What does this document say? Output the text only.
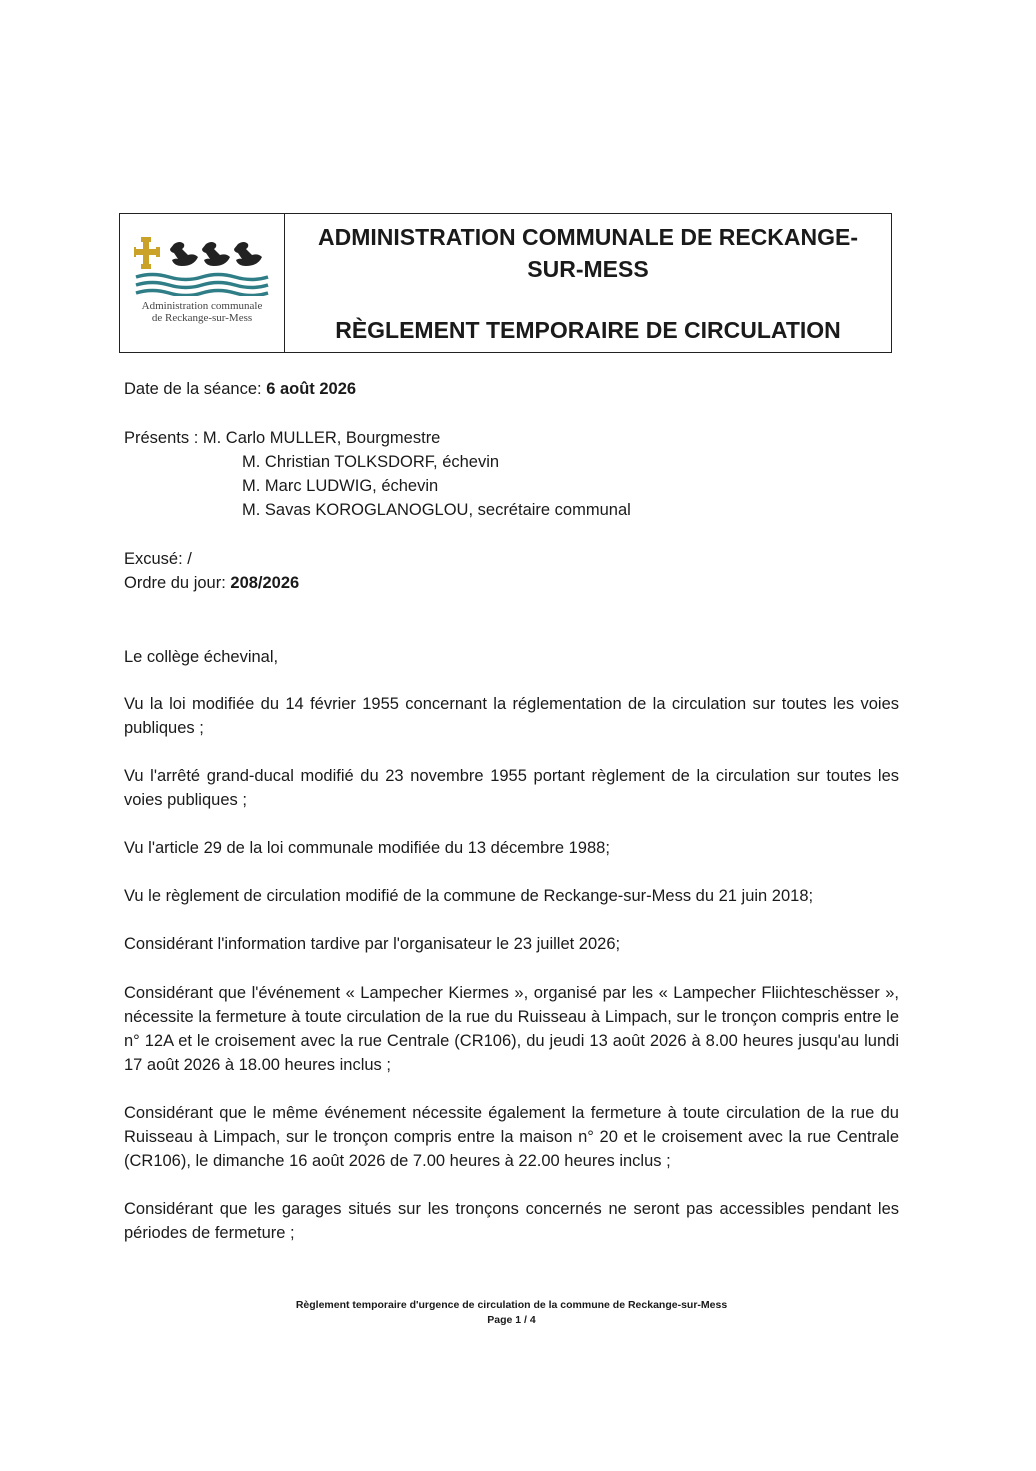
Administration communale
de Reckange-sur-Mess
ADMINISTRATION COMMUNALE DE RECKANGE-SUR-MESS
RÈGLEMENT TEMPORAIRE DE CIRCULATION
Date de la séance: 6 août 2026
Présents : M. Carlo MULLER, Bourgmestre
M. Christian TOLKSDORF, échevin
M. Marc LUDWIG, échevin
M. Savas KOROGLANOGLOU, secrétaire communal
Excusé: /
Ordre du jour: 208/2026
Le collège échevinal,
Vu la loi modifiée du 14 février 1955 concernant la réglementation de la circulation sur toutes les voies publiques ;
Vu l'arrêté grand-ducal modifié du 23 novembre 1955 portant règlement de la circulation sur toutes les voies publiques ;
Vu l'article 29 de la loi communale modifiée du 13 décembre 1988;
Vu le règlement de circulation modifié de la commune de Reckange-sur-Mess du 21 juin 2018;
Considérant l'information tardive par l'organisateur le 23 juillet 2026;
Considérant que l'événement « Lampecher Kiermes », organisé par les « Lampecher Fliichteschësser », nécessite la fermeture à toute circulation de la rue du Ruisseau à Limpach, sur le tronçon compris entre le n° 12A et le croisement avec la rue Centrale (CR106), du jeudi 13 août 2026 à 8.00 heures jusqu'au lundi 17 août 2026 à 18.00 heures inclus ;
Considérant que le même événement nécessite également la fermeture à toute circulation de la rue du Ruisseau à Limpach, sur le tronçon compris entre la maison n° 20 et le croisement avec la rue Centrale (CR106), le dimanche 16 août 2026 de 7.00 heures à 22.00 heures inclus ;
Considérant que les garages situés sur les tronçons concernés ne seront pas accessibles pendant les périodes de fermeture ;
Règlement temporaire d'urgence de circulation de la commune de Reckange-sur-Mess
Page 1 / 4
